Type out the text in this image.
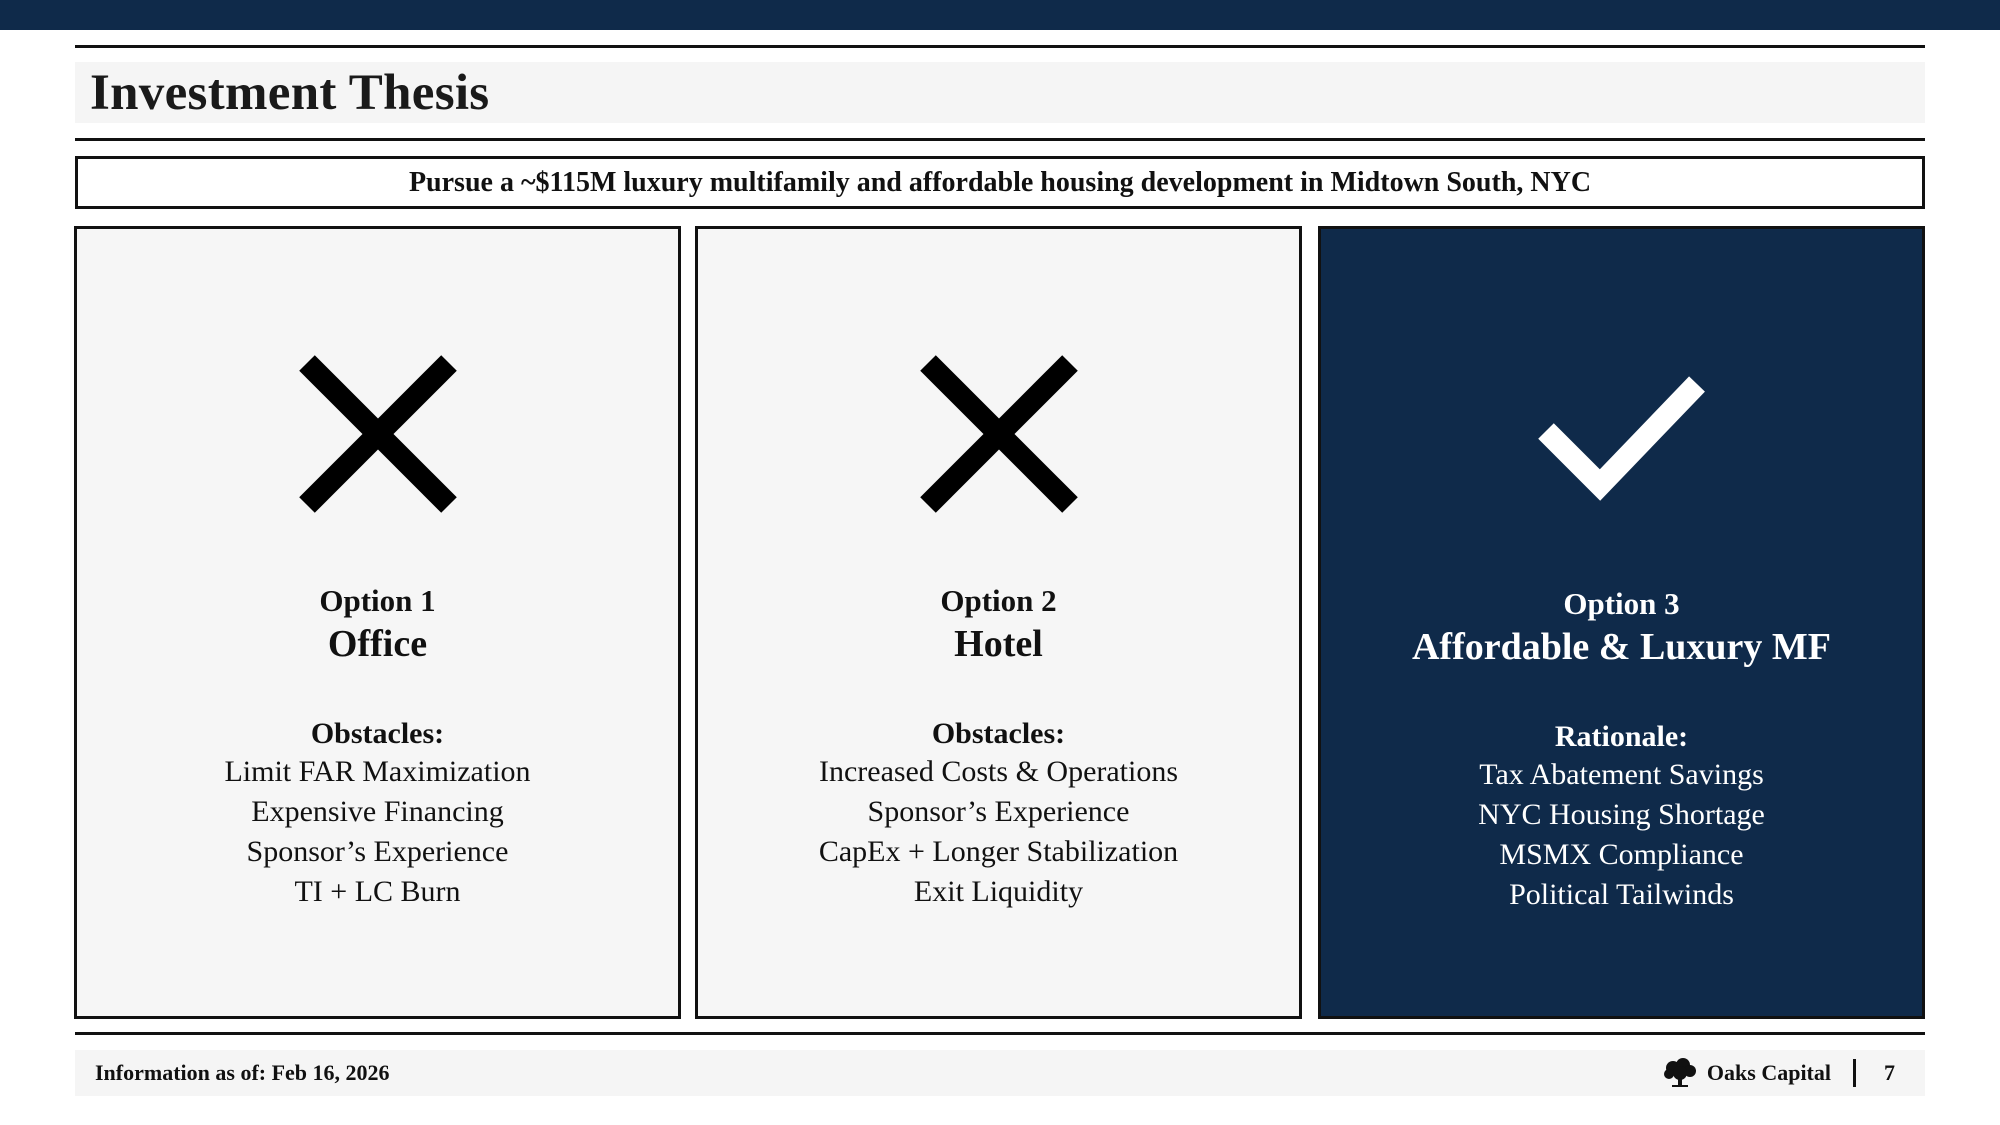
Investment Thesis
Pursue a ~$115M luxury multifamily and affordable housing development in Midtown South, NYC
Option 1
Office
Obstacles:
Limit FAR Maximization
Expensive Financing
Sponsor’s Experience
TI + LC Burn
Option 2
Hotel
Obstacles:
Increased Costs & Operations
Sponsor’s Experience
CapEx + Longer Stabilization
Exit Liquidity
Option 3
Affordable & Luxury MF
Rationale:
Tax Abatement Savings
NYC Housing Shortage
MSMX Compliance
Political Tailwinds
Information as of: Feb 16, 2026	Oaks Capital 7
